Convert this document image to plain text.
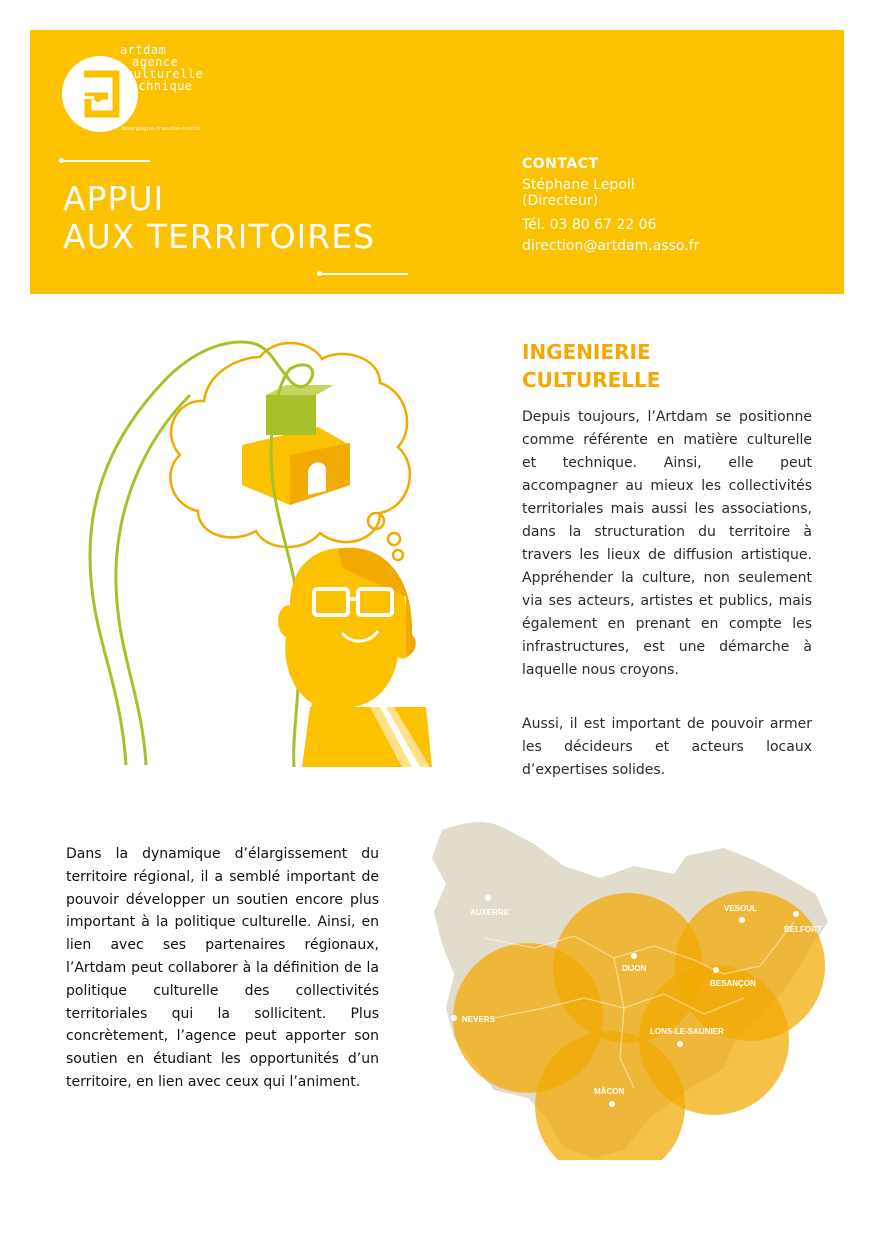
artdam
agence
culturelle
technique
bourgogne-franche-comté
APPUI
AUX TERRITOIRES
CONTACT
Stéphane Lepoil
(Directeur)
Tél. 03 80 67 22 06
direction@artdam.asso.fr
INGENIERIE
CULTURELLE

Depuis toujours, l’Artdam se positionne comme référente en matière culturelle et technique. Ainsi, elle peut accompagner au mieux les collectivités territoriales mais aussi les associations, dans la structuration du territoire à travers les lieux de diffusion artistique. Appréhender la culture, non seulement via ses acteurs, artistes et publics, mais également en prenant en compte les infrastructures, est une démarche à laquelle nous croyons.

Aussi, il est important de pouvoir armer les décideurs et acteurs locaux d’expertises solides.

Dans la dynamique d’élargissement du territoire régional, il a semblé important de pouvoir développer un soutien encore plus important à la politique culturelle. Ainsi, en lien avec ses partenaires régionaux, l’Artdam peut collaborer à la définition de la politique culturelle des collectivités territoriales qui la sollicitent. Plus concrètement, l’agence peut apporter son soutien en étudiant les opportunités d’un territoire, en lien avec ceux qui l’animent.

AUXERRE	VESOUL
BELFORT
DIJON
BESANÇON
NEVERS
LONS-LE-SAUNIER
MÂCON
